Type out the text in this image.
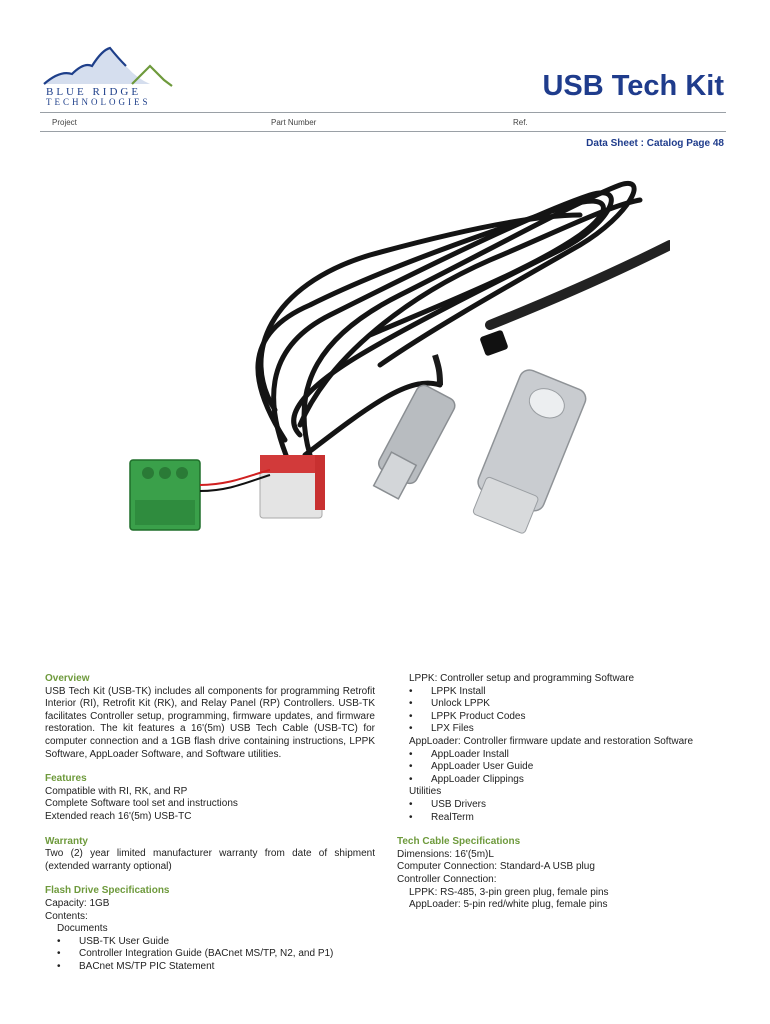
BLUE RIDGE
TECHNOLOGIES	USB Tech Kit
Project	Part Number	Ref.
Data Sheet : Catalog Page 48
Overview

USB Tech Kit (USB-TK) includes all components for programming Retrofit Interior (RI), Retrofit Kit (RK), and Relay Panel (RP) Controllers. USB-TK facilitates Controller setup, programming, firmware updates, and firmware restoration. The kit features a 16'(5m) USB Tech Cable (USB-TC) for computer connection and a 1GB flash drive containing instructions, LPPK Software, AppLoader Software, and Software utilities.

Features
Compatible with RI, RK, and RP
Complete Software tool set and instructions
Extended reach 16'(5m) USB-TC
Warranty

Two (2) year limited manufacturer warranty from date of shipment (extended warranty optional)

Flash Drive Specifications
Capacity: 1GB
Contents:
Documents
• USB-TK User Guide
• Controller Integration Guide (BACnet MS/TP, N2, and P1)
• BACnet MS/TP PIC Statement
LPPK: Controller setup and programming Software
• LPPK Install
• Unlock LPPK
• LPPK Product Codes
• LPX Files
AppLoader: Controller firmware update and restoration Software
• AppLoader Install
• AppLoader User Guide
• AppLoader Clippings
Utilities
• USB Drivers
• RealTerm
Tech Cable Specifications
Dimensions: 16'(5m)L
Computer Connection: Standard-A USB plug
Controller Connection:
LPPK: RS-485, 3-pin green plug, female pins
AppLoader: 5-pin red/white plug, female pins
